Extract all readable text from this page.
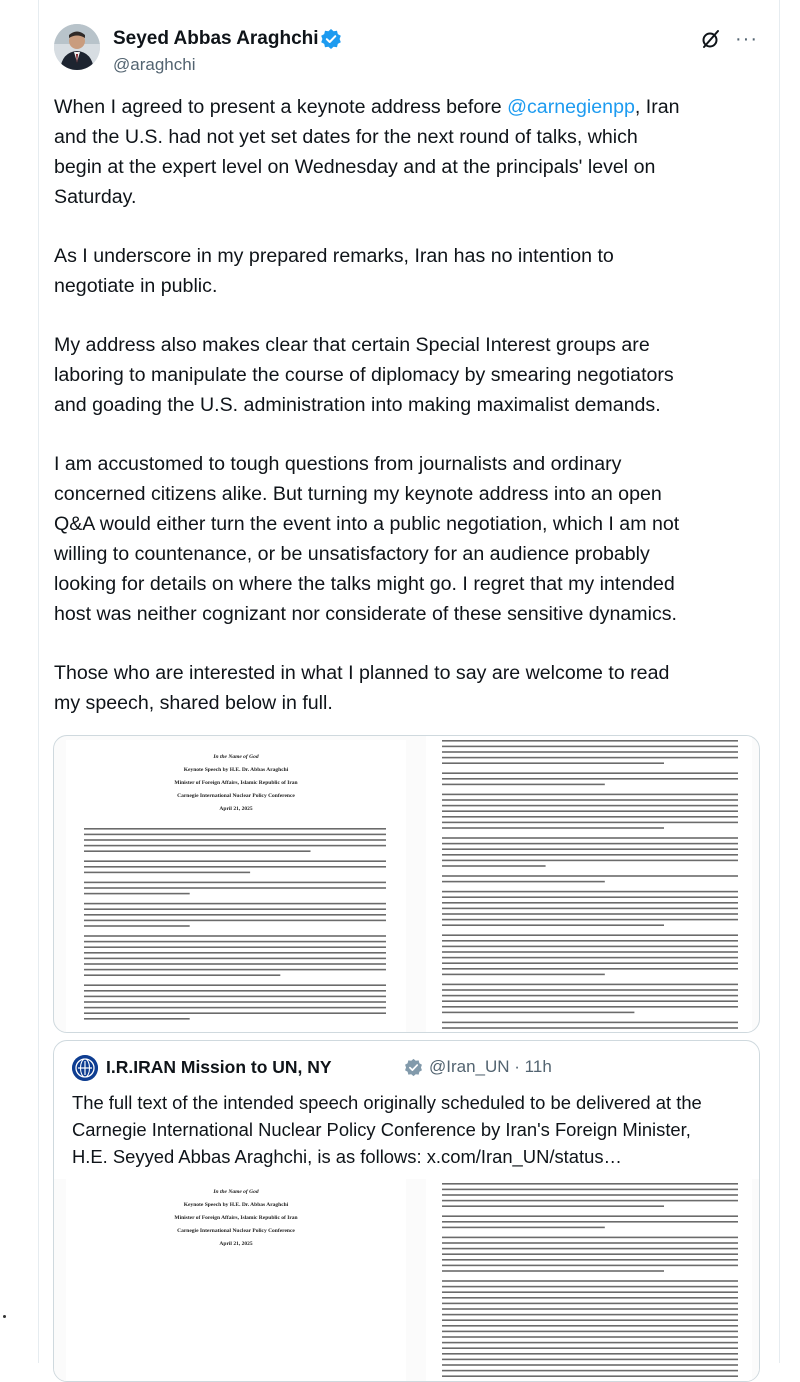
Seyed Abbas Araghchi
@araghchi
···

When I agreed to present a keynote address before @carnegienpp, Iran
and the U.S. had not yet set dates for the next round of talks, which
begin at the expert level on Wednesday and at the principals' level on
Saturday.

As I underscore in my prepared remarks, Iran has no intention to
negotiate in public.

My address also makes clear that certain Special Interest groups are
laboring to manipulate the course of diplomacy by smearing negotiators
and goading the U.S. administration into making maximalist demands.

I am accustomed to tough questions from journalists and ordinary
concerned citizens alike. But turning my keynote address into an open
Q&A would either turn the event into a public negotiation, which I am not
willing to countenance, or be unsatisfactory for an audience probably
looking for details on where the talks might go. I regret that my intended
host was neither cognizant nor considerate of these sensitive dynamics.

Those who are interested in what I planned to say are welcome to read
my speech, shared below in full.

In the Name of God
Keynote Speech by H.E. Dr. Abbas Araghchi
Minister of Foreign Affairs, Islamic Republic of Iran
Carnegie International Nuclear Policy Conference
April 21, 2025
I.R.IRAN Mission to UN, NY	@Iran_UN · 11h
The full text of the intended speech originally scheduled to be delivered at the
Carnegie International Nuclear Policy Conference by Iran's Foreign Minister,
H.E. Seyyed Abbas Araghchi, is as follows: x.com/Iran_UN/status…
In the Name of God
Keynote Speech by H.E. Dr. Abbas Araghchi
Minister of Foreign Affairs, Islamic Republic of Iran
Carnegie International Nuclear Policy Conference
April 21, 2025
